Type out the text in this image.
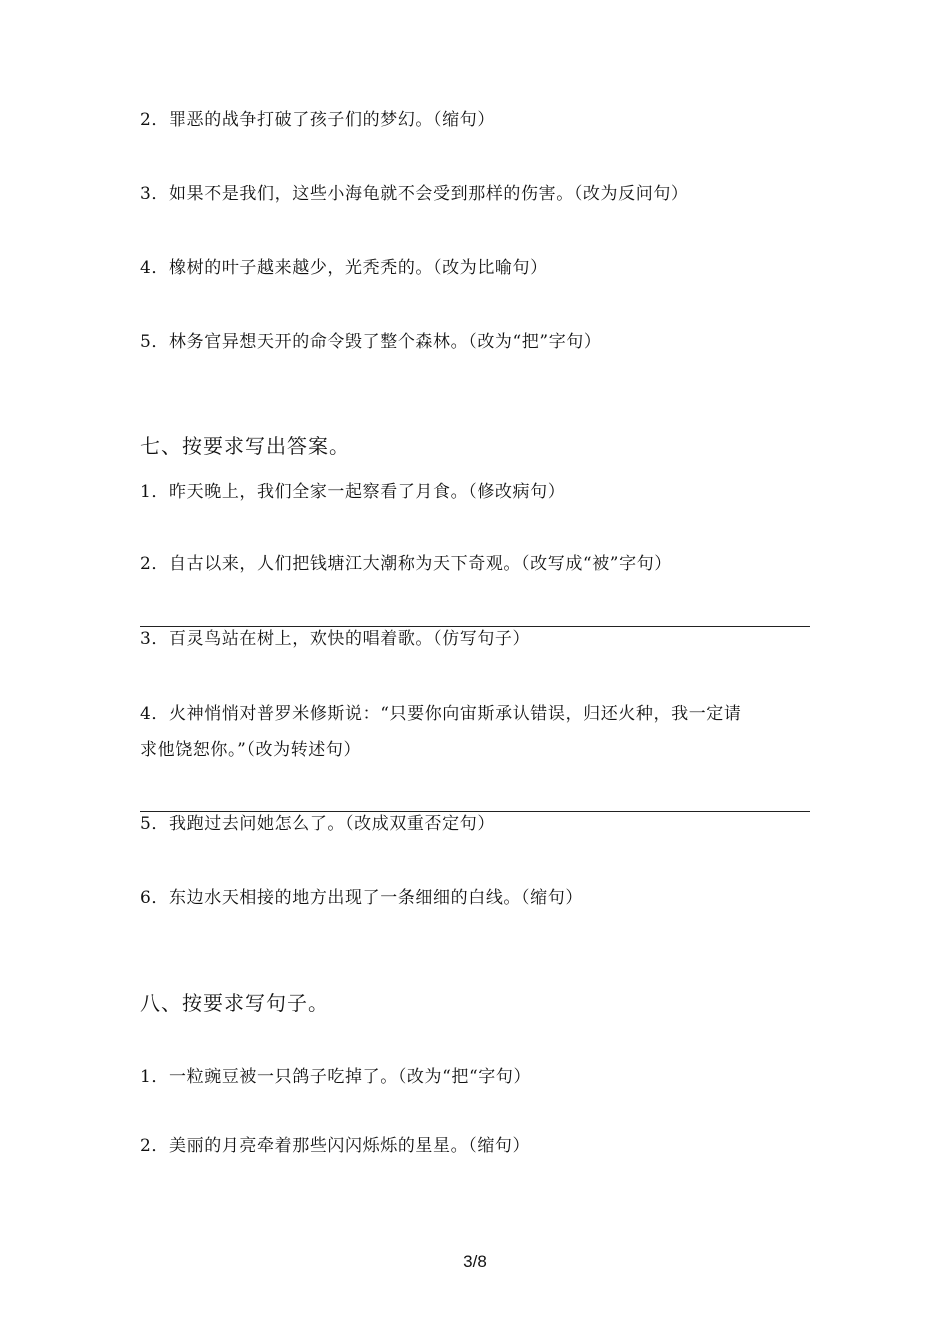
2．罪恶的战争打破了孩子们的梦幻。（缩句）
3．如果不是我们，这些小海龟就不会受到那样的伤害。（改为反问句）
4．橡树的叶子越来越少，光秃秃的。（改为比喻句）
5．林务官异想天开的命令毁了整个森林。（改为“把”字句）
七、按要求写出答案。
1．昨天晚上，我们全家一起察看了月食。（修改病句）
2．自古以来，人们把钱塘江大潮称为天下奇观。（改写成“被”字句）
3．百灵鸟站在树上，欢快的唱着歌。（仿写句子）
4．火神悄悄对普罗米修斯说：“只要你向宙斯承认错误，归还火种，我一定请
求他饶恕你。”（改为转述句）
5．我跑过去问她怎么了。（改成双重否定句）
6．东边水天相接的地方出现了一条细细的白线。（缩句）
八、按要求写句子。
1．一粒豌豆被一只鸽子吃掉了。（改为“把“字句）
2．美丽的月亮牵着那些闪闪烁烁的星星。（缩句）
3/8
